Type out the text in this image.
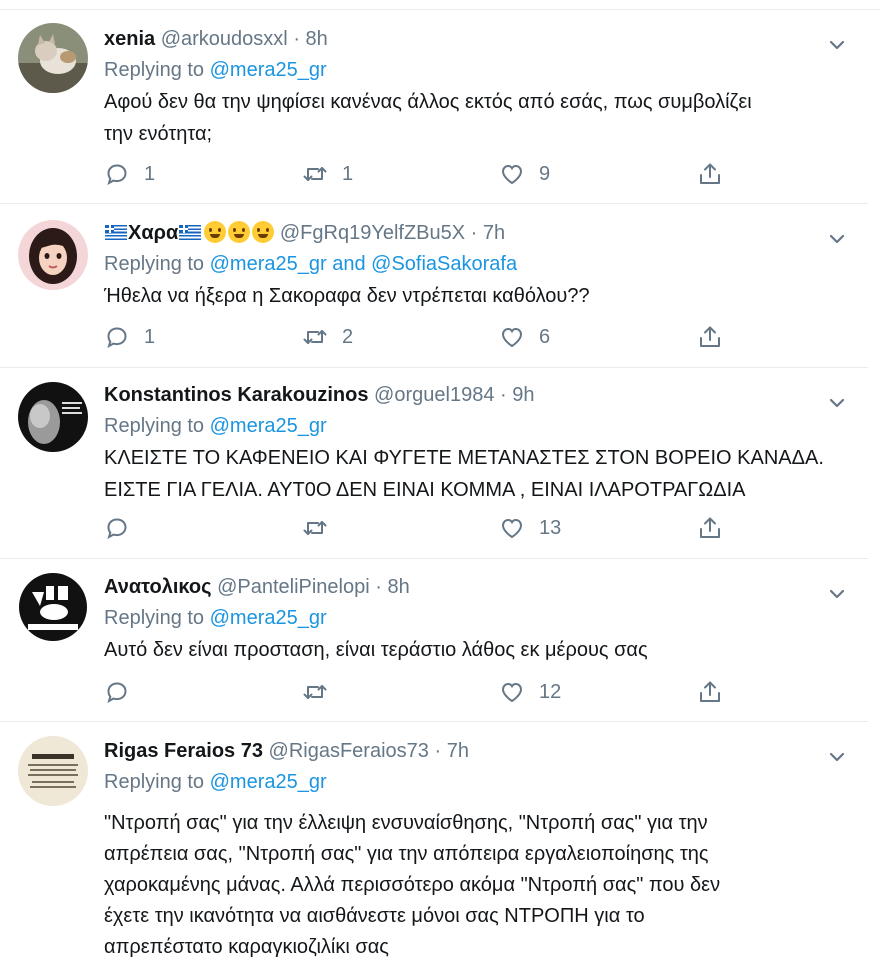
xenia @arkoudosxxl · 8h
Replying to @mera25_gr
Αφού δεν θα την ψηφίσει κανένας άλλος εκτός από εσάς, πως συμβολίζει
την ενότητα;
1	1	9
Χαρα	@FgRq19YelfZBu5X · 7h
Replying to @mera25_gr and @SofiaSakorafa
Ήθελα να ήξερα η Σακοραφα δεν ντρέπεται καθόλου??
1	2	6
Konstantinos Karakouzinos @orguel1984 · 9h
Replying to @mera25_gr
ΚΛΕΙΣΤΕ ΤΟ ΚΑΦΕΝΕΙΟ ΚΑΙ ΦΥΓΕΤΕ ΜΕΤΑΝΑΣΤΕΣ ΣΤΟΝ ΒΟΡΕΙΟ ΚΑΝΑΔΑ.
ΕΙΣΤΕ ΓΙΑ ΓΕΛΙΑ. ΑΥΤ0Ο ΔΕΝ ΕΙΝΑΙ ΚΟΜΜΑ , ΕΙΝΑΙ ΙΛΑΡΟΤΡΑΓΩΔΙΑ
13
Ανατολικος @PanteliPinelopi · 8h
Replying to @mera25_gr
Αυτό δεν είναι προσταση, είναι τεράστιο λάθος εκ μέρους σας
12
Rigas Feraios 73 @RigasFeraios73 · 7h
Replying to @mera25_gr
"Ντροπή σας" για την έλλειψη ενσυναίσθησης, "Ντροπή σας" για την
απρέπεια σας, "Ντροπή σας" για την απόπειρα εργαλειοποίησης της
χαροκαμένης μάνας. Αλλά περισσότερο ακόμα "Ντροπή σας" που δεν
έχετε την ικανότητα να αισθάνεστε μόνοι σας ΝΤΡΟΠΗ για το
απρεπέστατο καραγκιοζιλίκι σας
